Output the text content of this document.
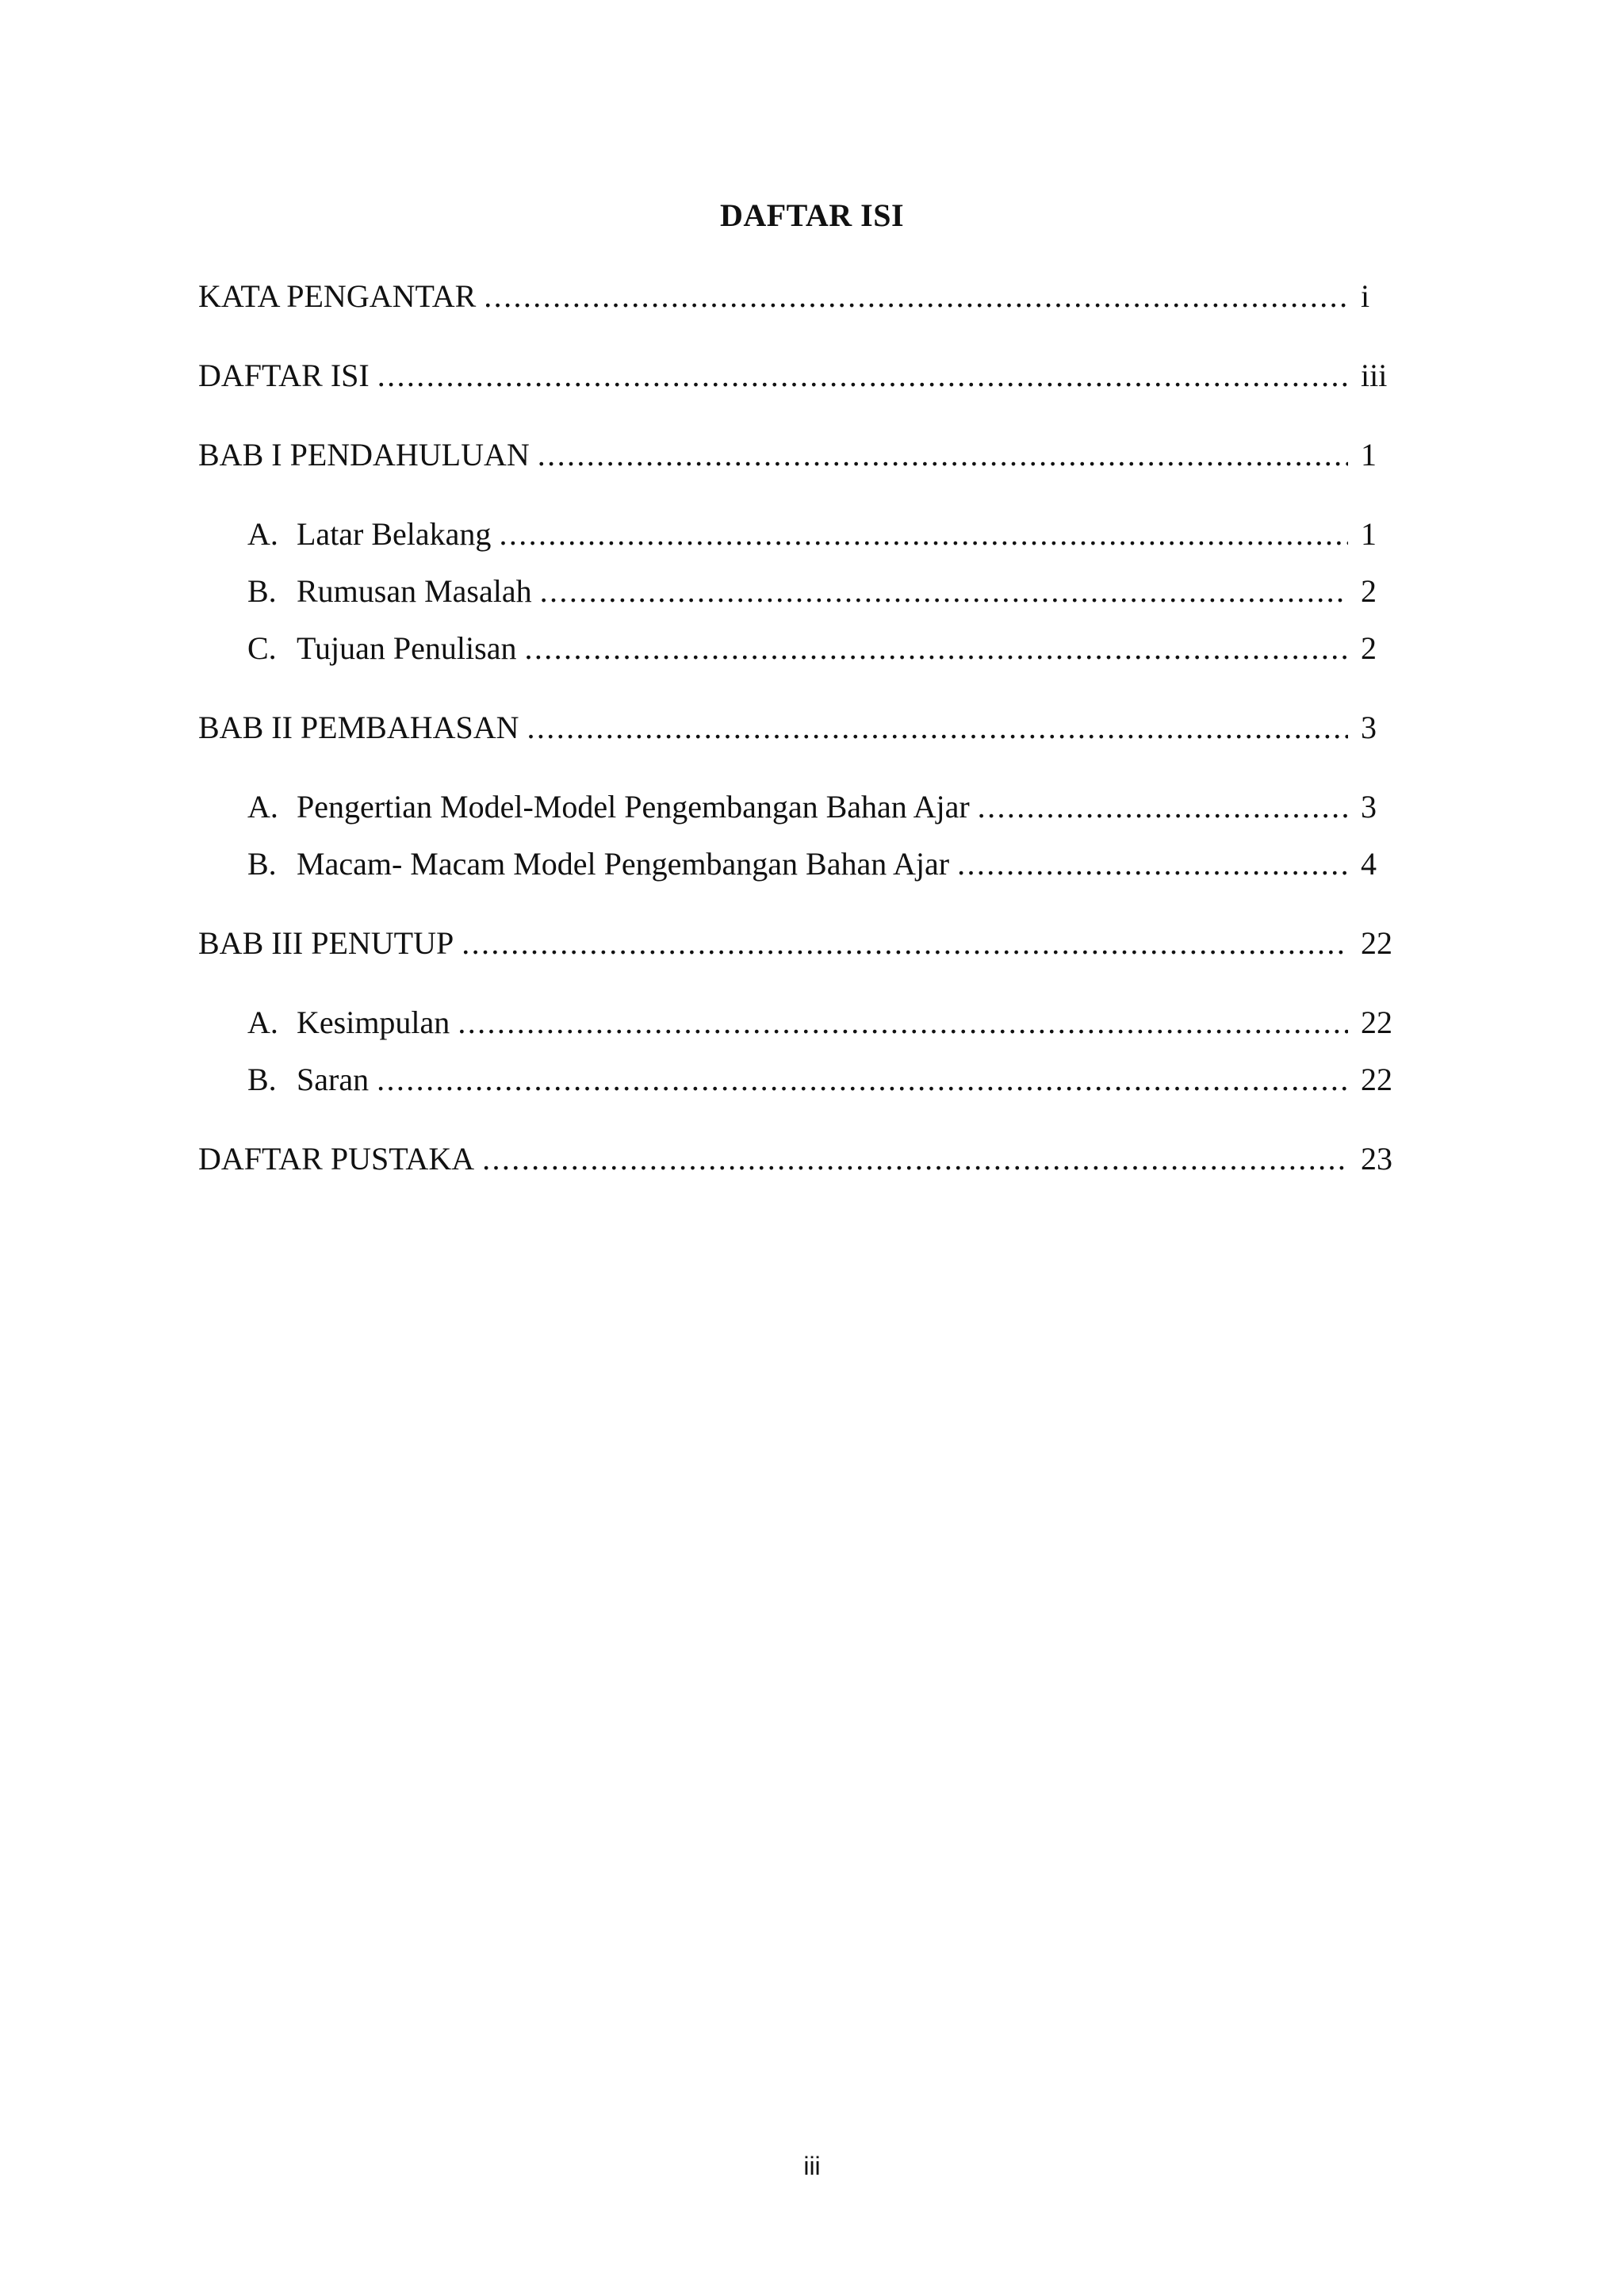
DAFTAR ISI
KATA PENGANTAR .....	i
DAFTAR ISI .....	iii
BAB I PENDAHULUAN .....	1
A. Latar Belakang .....	1
B. Rumusan Masalah .....	2
C. Tujuan Penulisan .....	2
BAB II PEMBAHASAN .....	3
A. Pengertian Model-Model Pengembangan Bahan Ajar .....	3
B. Macam- Macam Model Pengembangan Bahan Ajar .....	4
BAB III PENUTUP .....	22
A. Kesimpulan .....	22
B. Saran .....	22
DAFTAR PUSTAKA .....	23
iii
